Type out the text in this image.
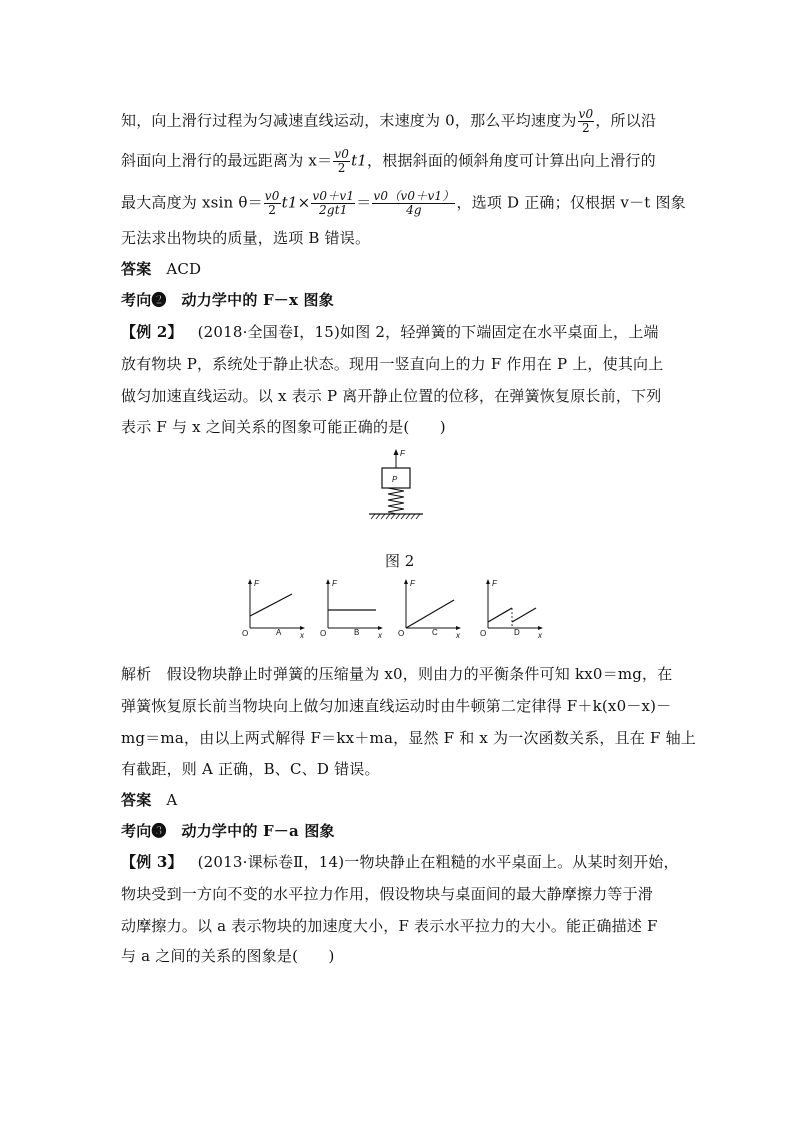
知，向上滑行过程为匀减速直线运动，末速度为 0，那么平均速度为 $\frac{v0}{2}$ ，所以沿
斜面向上滑行的最远距离为 $x= \frac{v0}{2} t1$，根据斜面的倾斜角度可计算出向上滑行的
最大高度为 xsin $\theta= \frac{v0}{2} t1\times \frac{v0+v1}{2gt1} = \frac{v0(v0+v1)}{4g}$ ，选项 D 正确；仅根据 v－t 图象
无法求出物块的质量，选项 B 错误。
答案 ACD
考向❷ 动力学中的 F－x 图象
【例 2】 (2018·全国卷Ⅰ，15)如图 2，轻弹簧的下端固定在水平桌面上，上端
放有物块 P，系统处于静止状态。现用一竖直向上的力 F 作用在 P 上，使其向上
做匀加速直线运动。以 x 表示 P 离开静止位置的位移，在弹簧恢复原长前，下列
表示 F 与 x 之间关系的图象可能正确的是(　　)
F
P
图 2
F
x
O	A
F
x
O	B
F
x
O	C
F
x
O	D
解析　假设物块静止时弹簧的压缩量为 x0，则由力的平衡条件可知 kx0＝mg，在
弹簧恢复原长前当物块向上做匀加速直线运动时由牛顿第二定律得 F＋k(x0－x)－
mg＝ma，由以上两式解得 F＝kx＋ma，显然 F 和 x 为一次函数关系，且在 F 轴上
有截距，则 A 正确，B、C、D 错误。
答案 A
考向❸ 动力学中的 F－a 图象
【例 3】 (2013·课标卷Ⅱ，14)一物块静止在粗糙的水平桌面上。从某时刻开始，
物块受到一方向不变的水平拉力作用，假设物块与桌面间的最大静摩擦力等于滑
动摩擦力。以 a 表示物块的加速度大小，F 表示水平拉力的大小。能正确描述 F
与 a 之间的关系的图象是(　　)
